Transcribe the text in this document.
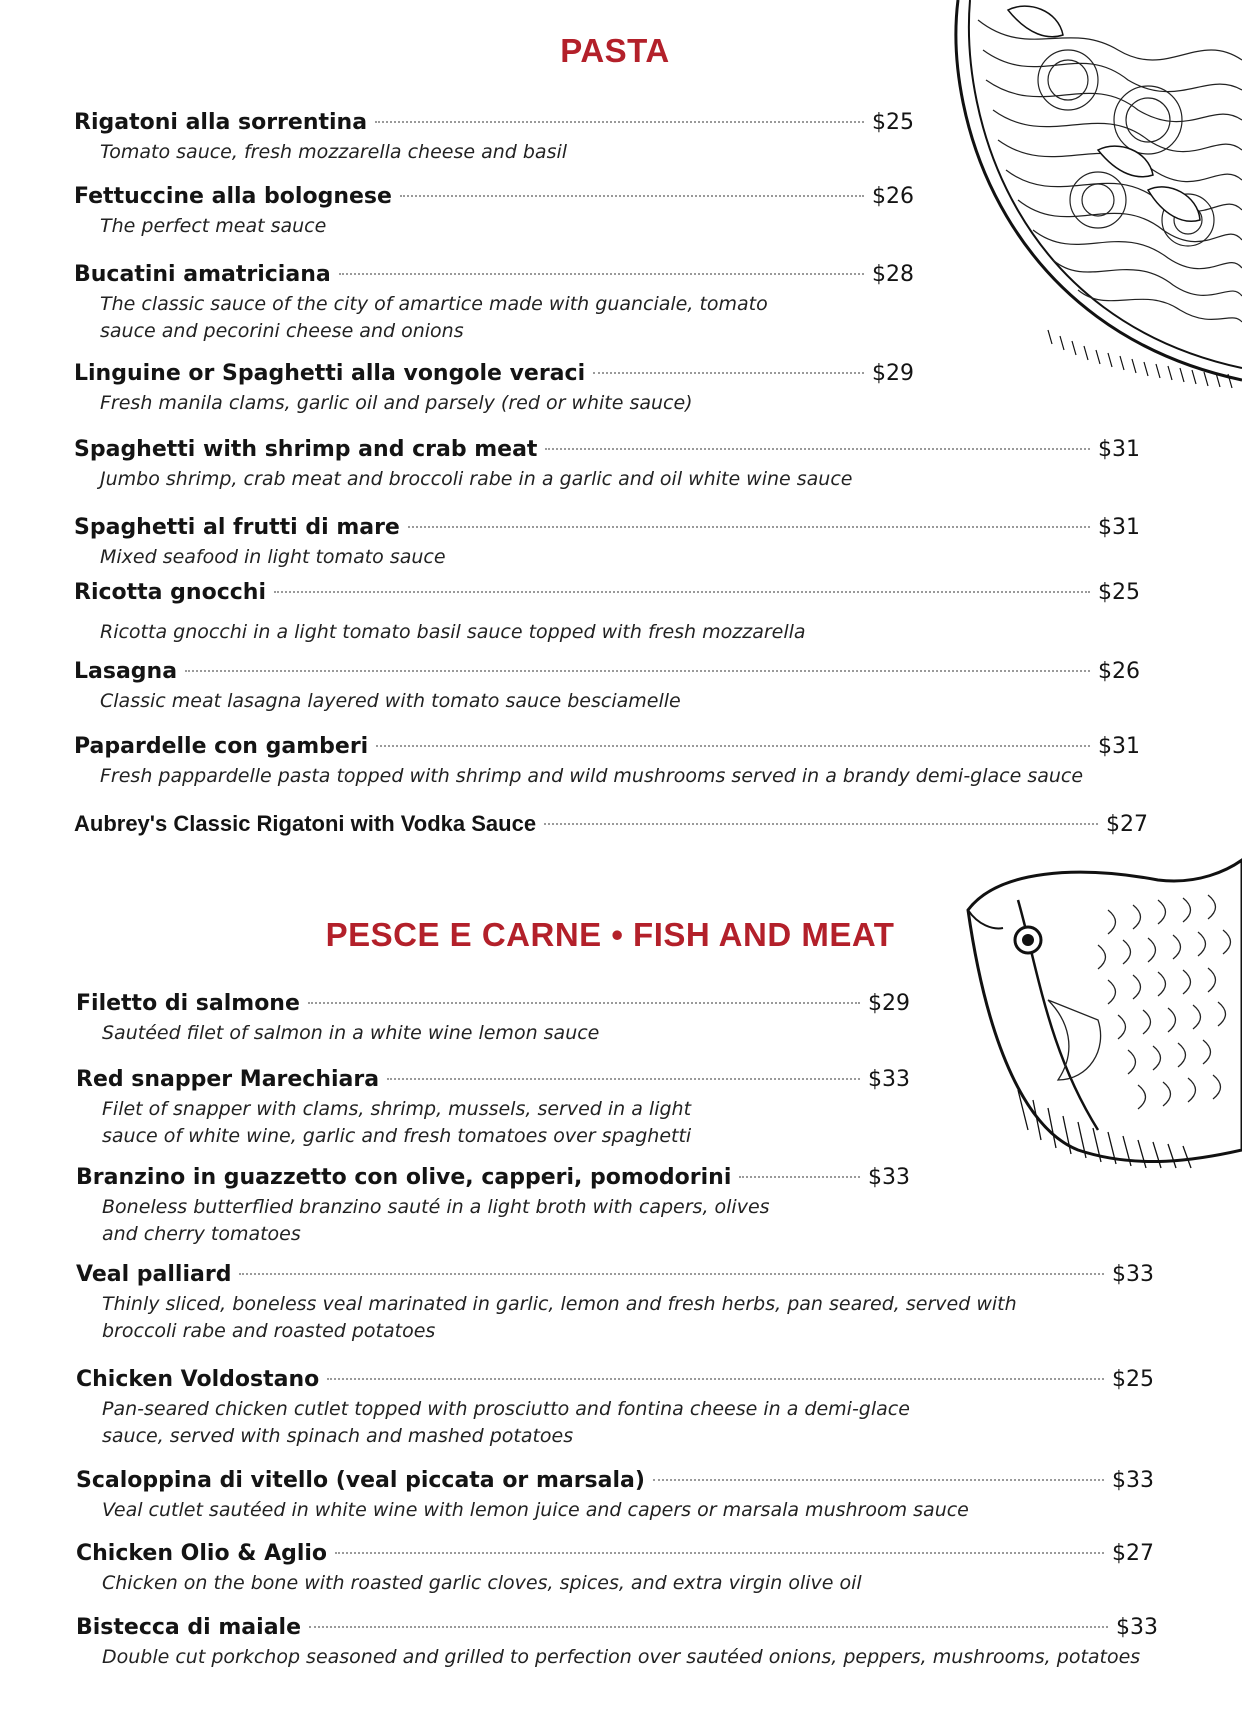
PASTA
Rigatoni alla sorrentina	$25
Tomato sauce, fresh mozzarella cheese and basil
Fettuccine alla bolognese	$26
The perfect meat sauce
Bucatini amatriciana	$28
The classic sauce of the city of amartice made with guanciale, tomato
sauce and pecorini cheese and onions
Linguine or Spaghetti alla vongole veraci	$29
Fresh manila clams, garlic oil and parsely (red or white sauce)
Spaghetti with shrimp and crab meat	$31
Jumbo shrimp, crab meat and broccoli rabe in a garlic and oil white wine sauce
Spaghetti al frutti di mare	$31
Mixed seafood in light tomato sauce
Ricotta gnocchi	$25
Ricotta gnocchi in a light tomato basil sauce topped with fresh mozzarella
Lasagna	$26
Classic meat lasagna layered with tomato sauce besciamelle
Papardelle con gamberi	$31
Fresh pappardelle pasta topped with shrimp and wild mushrooms served in a brandy demi-glace sauce
Aubrey's Classic Rigatoni with Vodka Sauce	$27
PESCE E CARNE • FISH AND MEAT
Filetto di salmone	$29
Sautéed filet of salmon in a white wine lemon sauce
Red snapper Marechiara	$33
Filet of snapper with clams, shrimp, mussels, served in a light
sauce of white wine, garlic and fresh tomatoes over spaghetti
Branzino in guazzetto con olive, capperi, pomodorini	$33
Boneless butterflied branzino sauté in a light broth with capers, olives
and cherry tomatoes
Veal palliard	$33
Thinly sliced, boneless veal marinated in garlic, lemon and fresh herbs, pan seared, served with
broccoli rabe and roasted potatoes
Chicken Voldostano	$25
Pan-seared chicken cutlet topped with prosciutto and fontina cheese in a demi-glace
sauce, served with spinach and mashed potatoes
Scaloppina di vitello (veal piccata or marsala)	$33
Veal cutlet sautéed in white wine with lemon juice and capers or marsala mushroom sauce
Chicken Olio & Aglio	$27
Chicken on the bone with roasted garlic cloves, spices, and extra virgin olive oil
Bistecca di maiale	$33
Double cut porkchop seasoned and grilled to perfection over sautéed onions, peppers, mushrooms, potatoes
